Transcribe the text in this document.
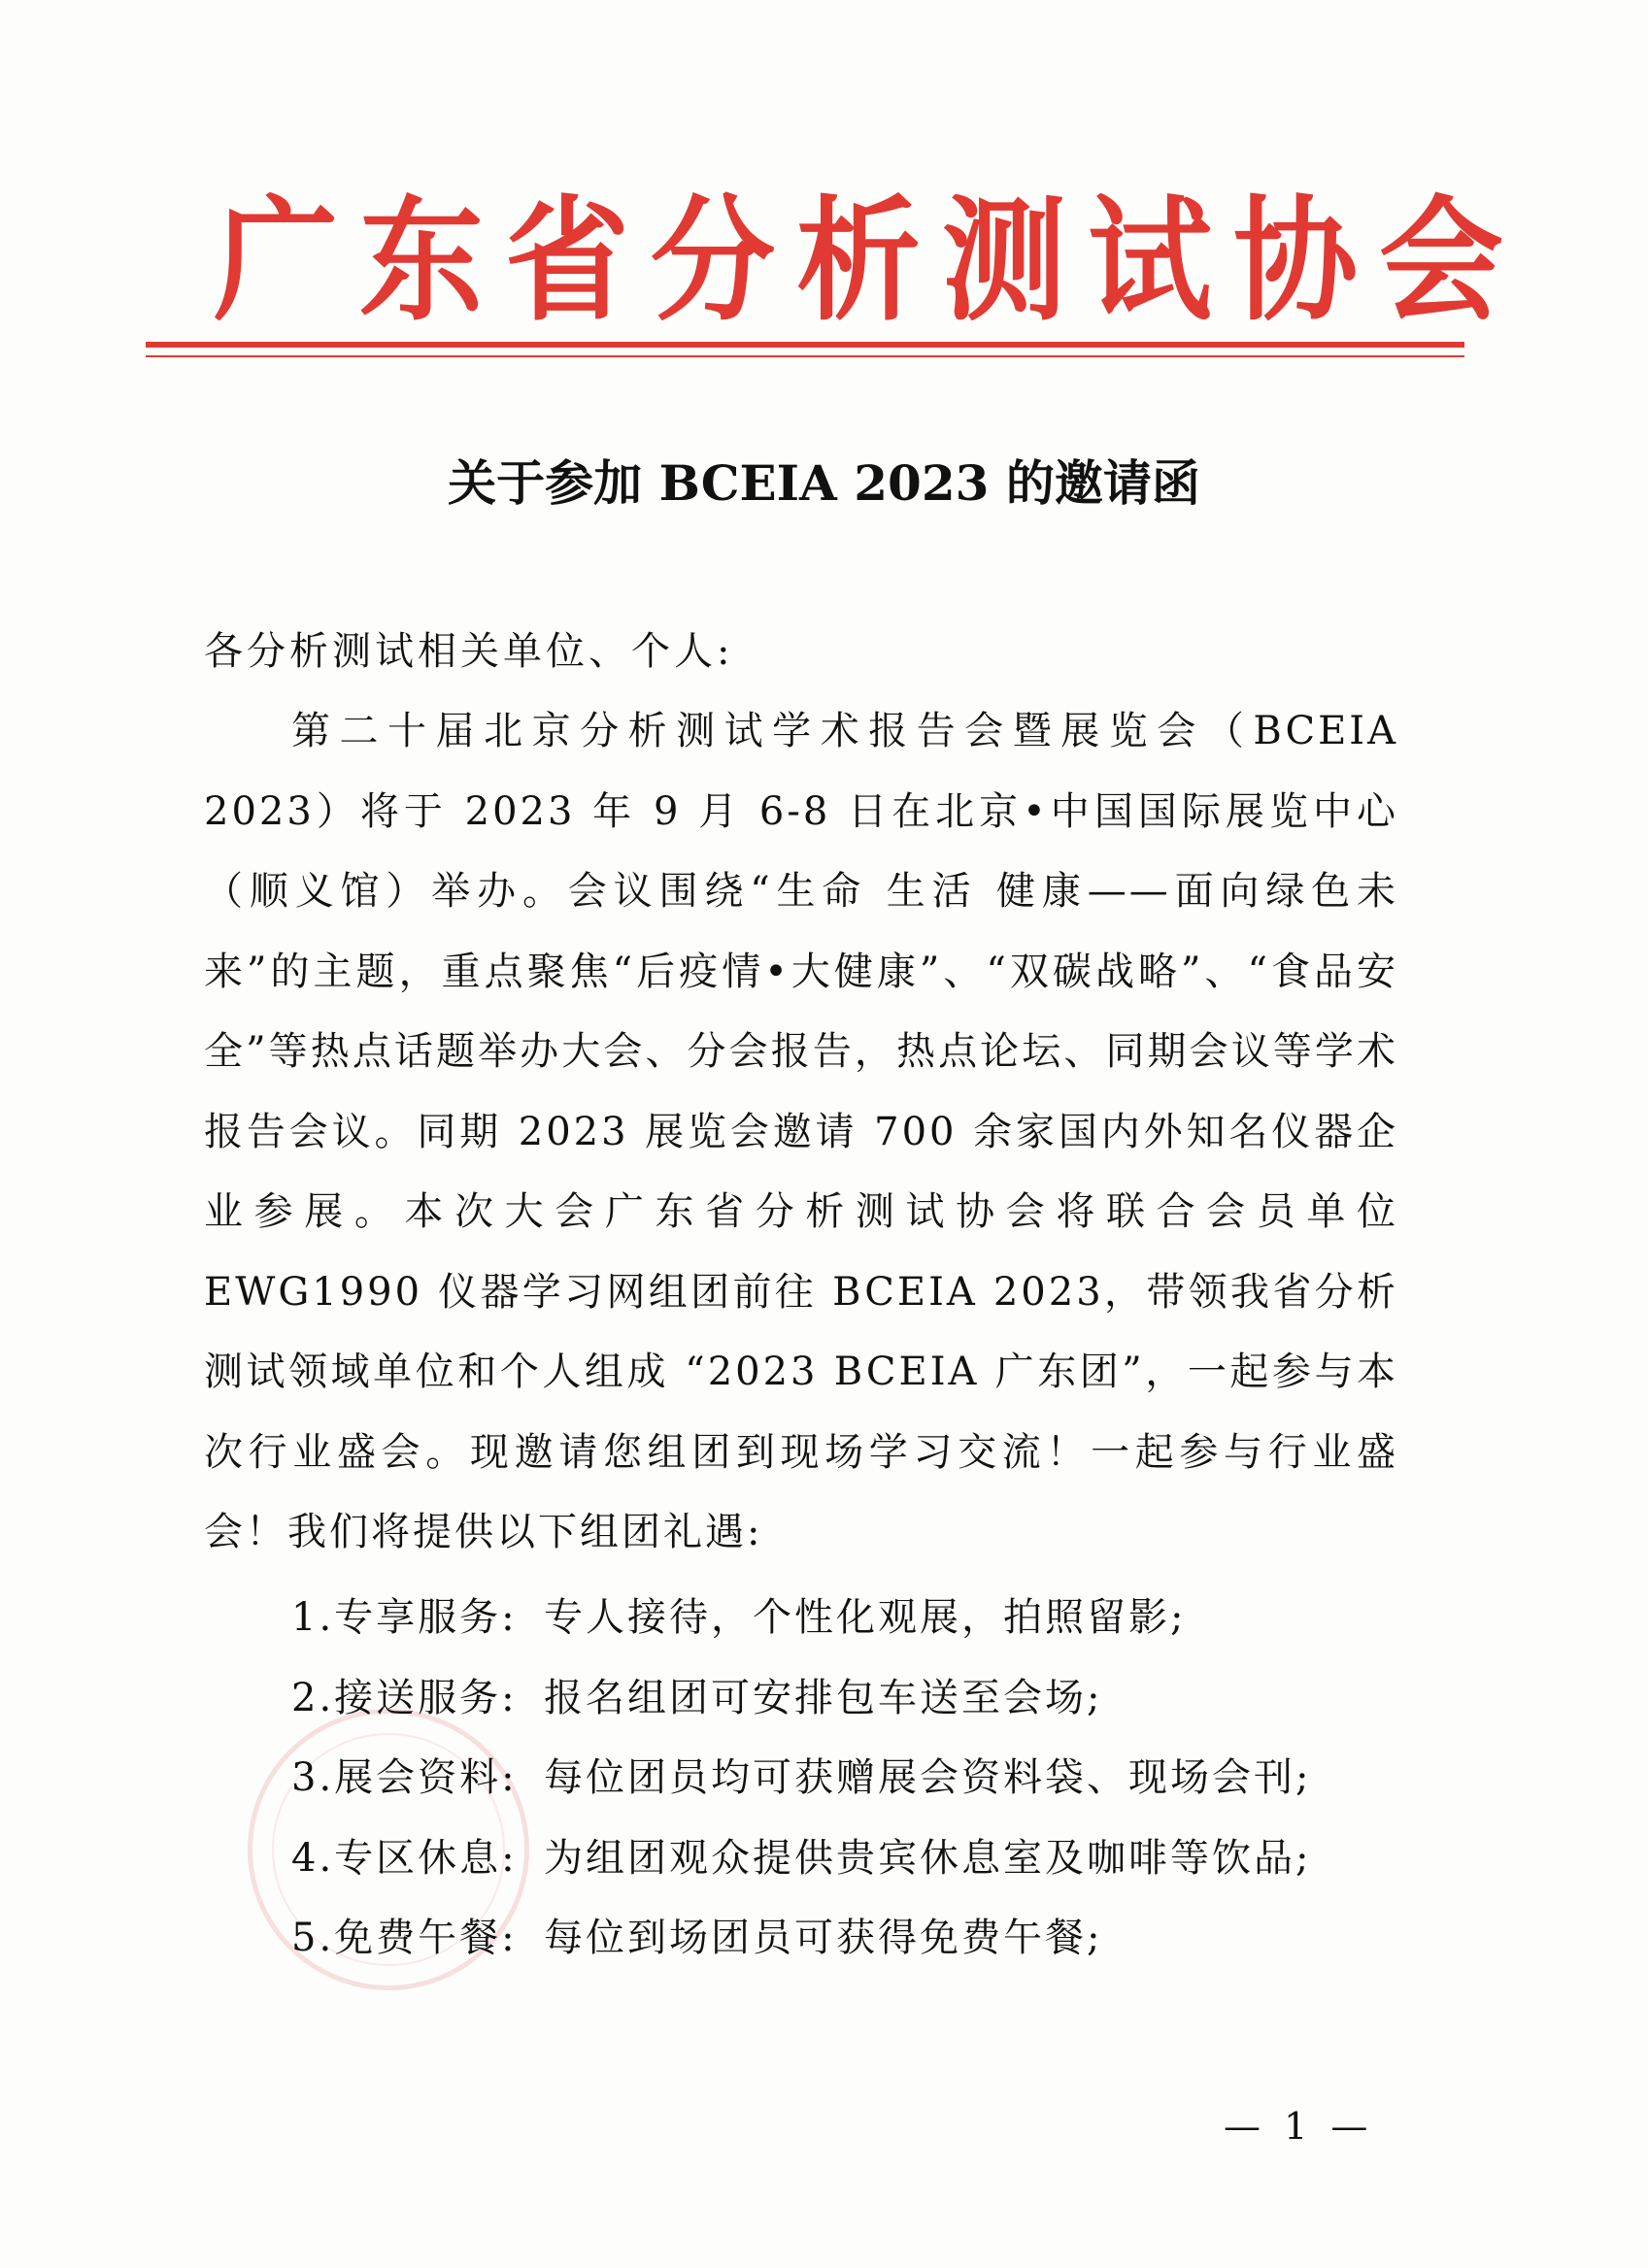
广东省分析测试协会
关于参加 BCEIA 2023 的邀请函
各分析测试相关单位、个人:
第二十届北京分析测试学术报告会暨展览会（BCEIA 2023）将于 2023 年 9 月 6-8 日在北京•中国国际展览中心（顺义馆）举办。会议围绕“生命 生活 健康——面向绿色未来”的主题，重点聚焦“后疫情•大健康”、“双碳战略”、“食品安全”等热点话题举办大会、分会报告，热点论坛、同期会议等学术报告会议。同期 2023 展览会邀请 700 余家国内外知名仪器企业参展。本次大会广东省分析测试协会将联合会员单位 EWG1990 仪器学习网组团前往 BCEIA 2023，带领我省分析测试领域单位和个人组成 “2023 BCEIA 广东团”，一起参与本次行业盛会。现邀请您组团到现场学习交流！一起参与行业盛会！我们将提供以下组团礼遇:
1.专享服务: 专人接待，个性化观展，拍照留影;
2.接送服务: 报名组团可安排包车送至会场;
3.展会资料: 每位团员均可获赠展会资料袋、现场会刊;
4.专区休息: 为组团观众提供贵宾休息室及咖啡等饮品;
5.免费午餐: 每位到场团员可获得免费午餐;
— 1 —
